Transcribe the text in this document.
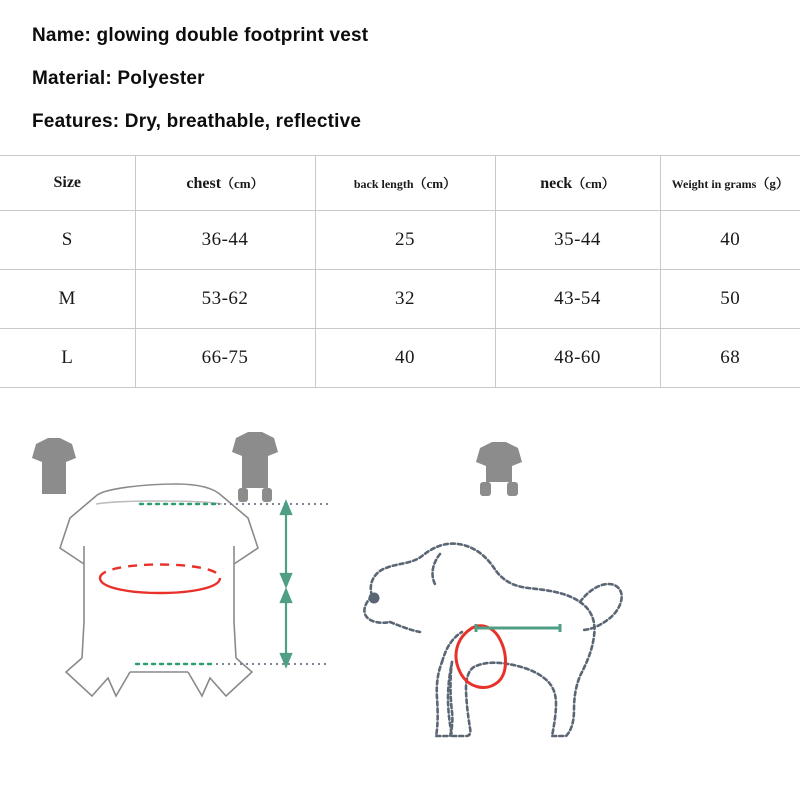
Name: glowing double footprint vest
Material: Polyester
Features: Dry, breathable, reflective
Size	chest（cm）	back length（cm）	neck（cm）	Weight in grams（g）
S	36-44	25	35-44	40
M	53-62	32	43-54	50
L	66-75	40	48-60	68
